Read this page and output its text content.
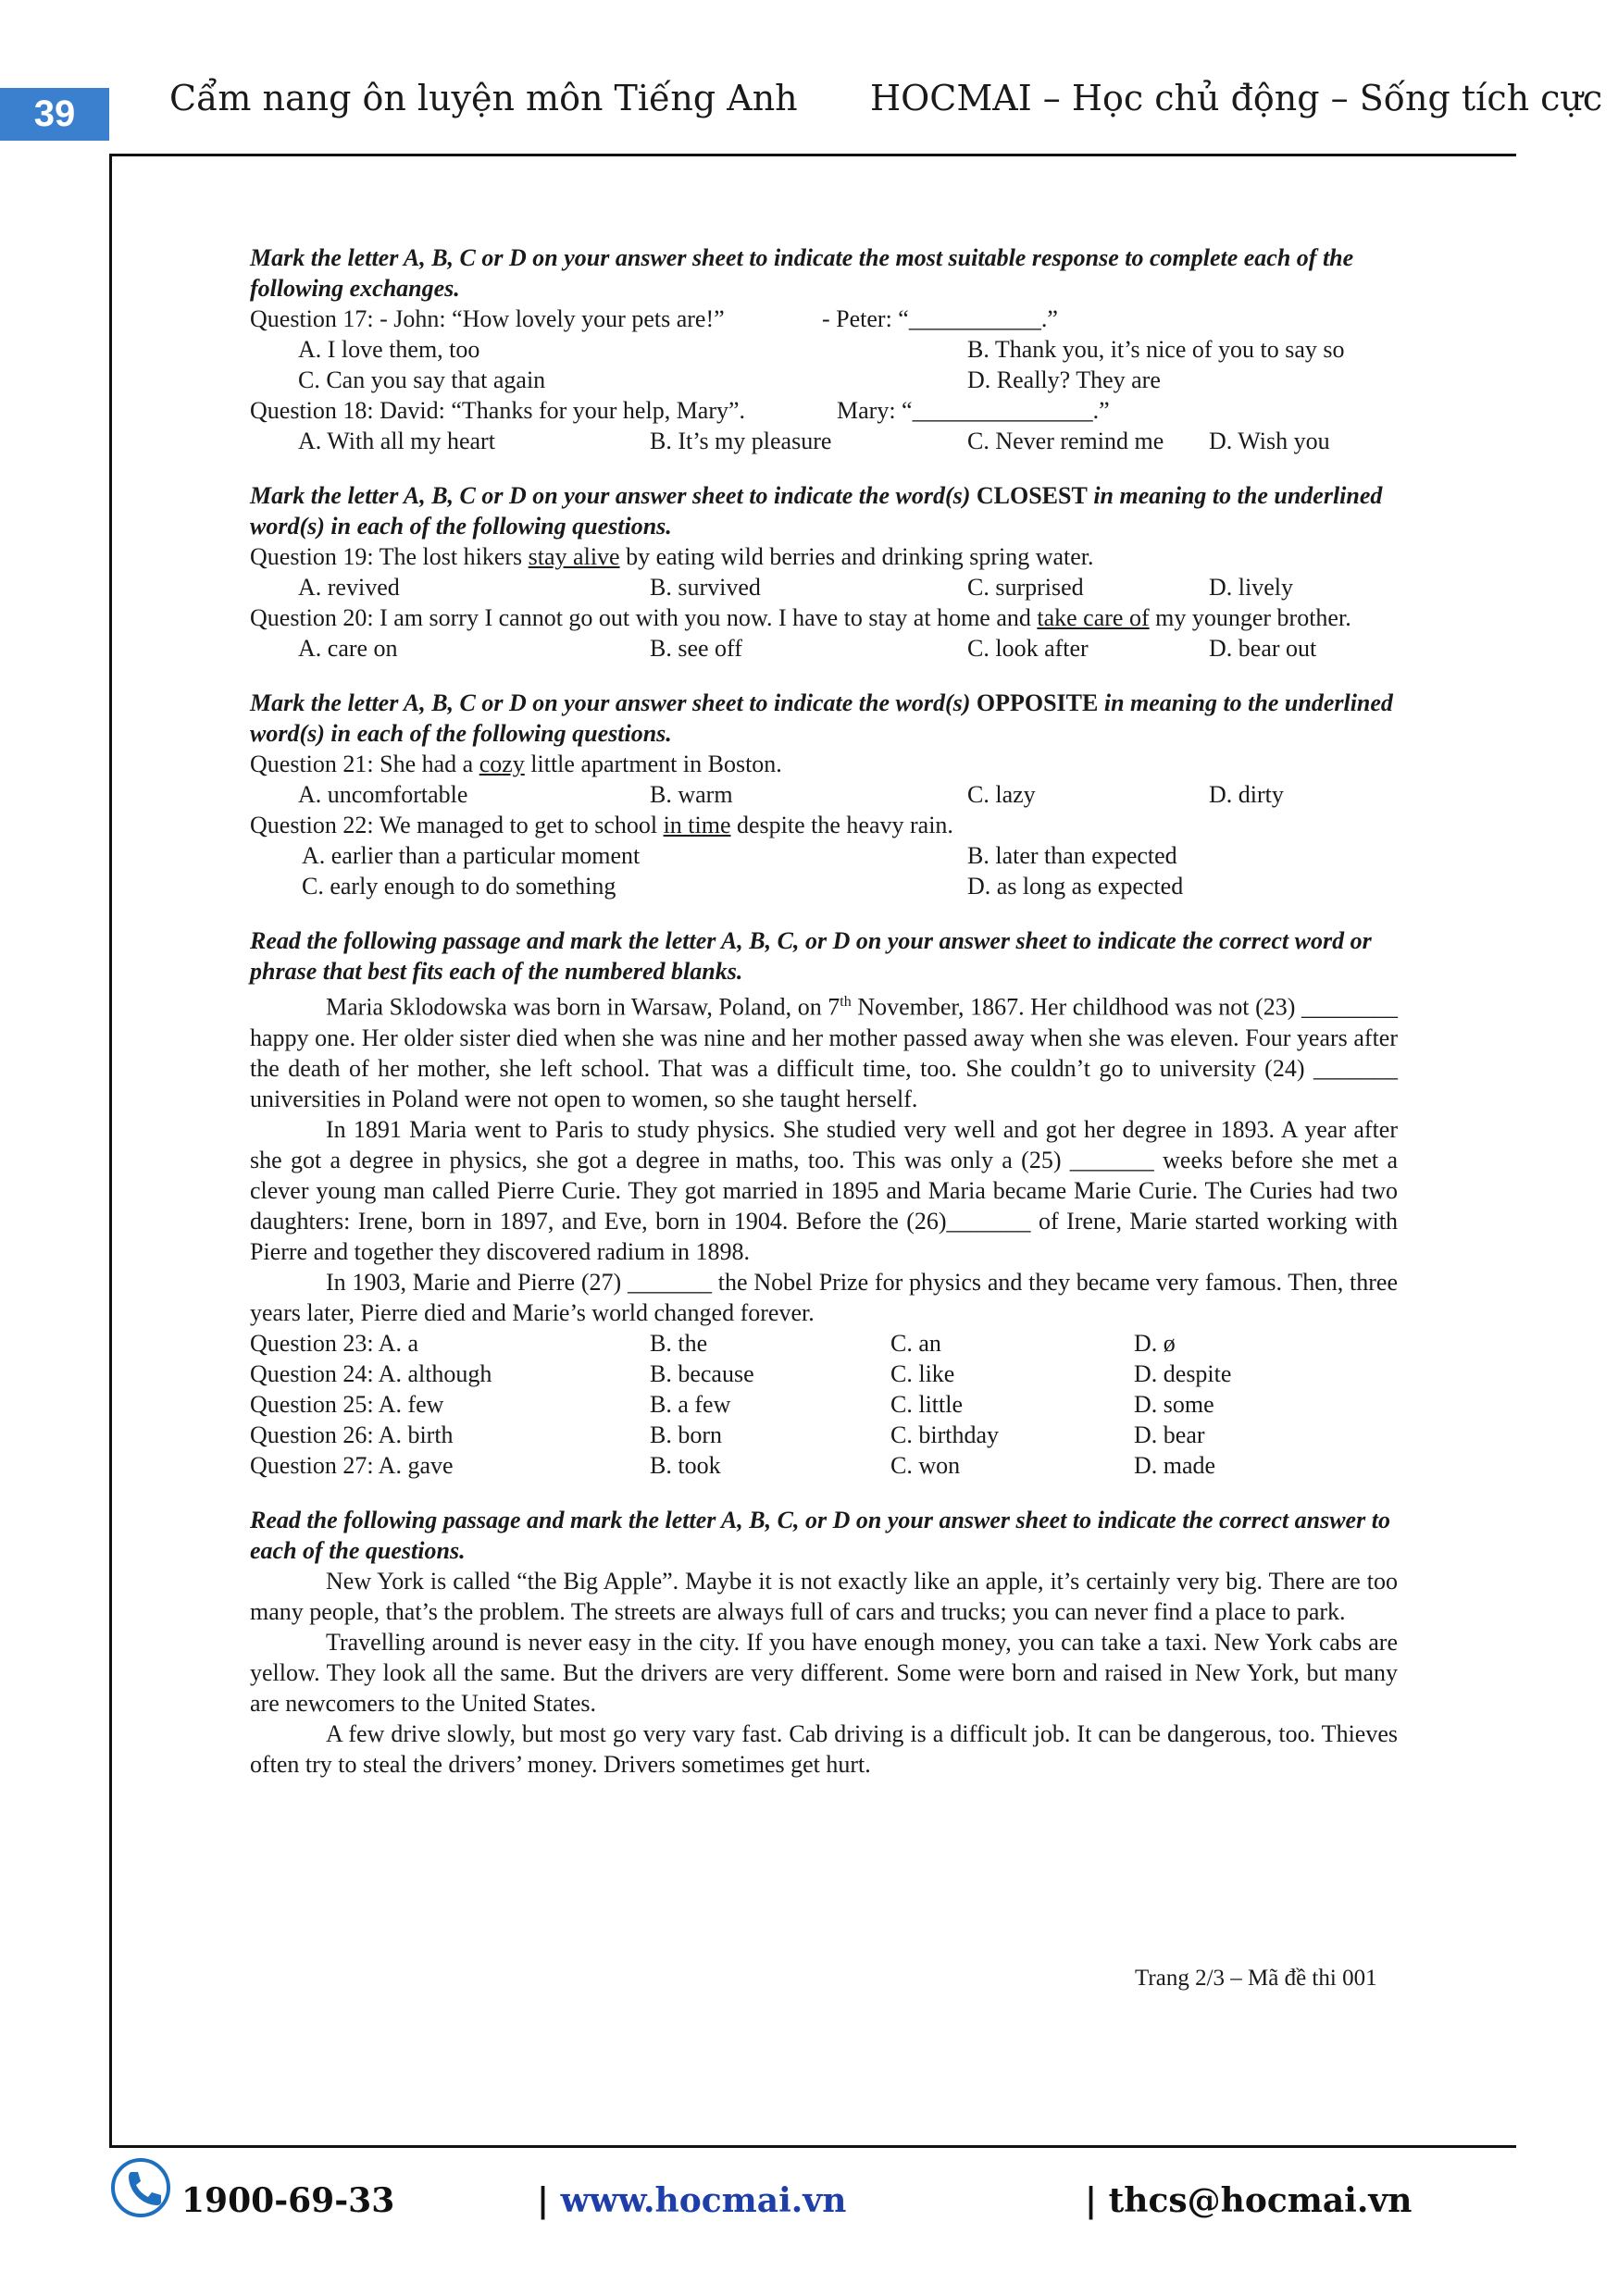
39	Cẩm nang ôn luyện môn Tiếng Anh HOCMAI – Học chủ động – Sống tích cực
Mark the letter A, B, C or D on your answer sheet to indicate the most suitable response to complete each of the following exchanges.
Question 17: - John: “How lovely your pets are!”	- Peter: “___________.”
A. I love them, too	B. Thank you, it’s nice of you to say so
C. Can you say that again	D. Really? They are
Question 18: David: “Thanks for your help, Mary”.	Mary: “_______________.”
A. With all my heart	B. It’s my pleasure	C. Never remind me D. Wish you
Mark the letter A, B, C or D on your answer sheet to indicate the word(s) CLOSEST in meaning to the underlined word(s) in each of the following questions.
Question 19: The lost hikers stay alive by eating wild berries and drinking spring water.
A. revived	B. survived	C. surprised	D. lively
Question 20: I am sorry I cannot go out with you now. I have to stay at home and take care of my younger brother.
A. care on	B. see off	C. look after	D. bear out
Mark the letter A, B, C or D on your answer sheet to indicate the word(s) OPPOSITE in meaning to the underlined word(s) in each of the following questions.
Question 21: She had a cozy little apartment in Boston.
A. uncomfortable	B. warm	C. lazy	D. dirty
Question 22: We managed to get to school in time despite the heavy rain.
A. earlier than a particular moment	B. later than expected
C. early enough to do something	D. as long as expected
Read the following passage and mark the letter A, B, C, or D on your answer sheet to indicate the correct word or phrase that best fits each of the numbered blanks.

Maria Sklodowska was born in Warsaw, Poland, on 7th November, 1867. Her childhood was not (23) ________ happy one. Her older sister died when she was nine and her mother passed away when she was eleven. Four years after the death of her mother, she left school. That was a difficult time, too. She couldn’t go to university (24) _______ universities in Poland were not open to women, so she taught herself.

In 1891 Maria went to Paris to study physics. She studied very well and got her degree in 1893. A year after she got a degree in physics, she got a degree in maths, too. This was only a (25) _______ weeks before she met a clever young man called Pierre Curie. They got married in 1895 and Maria became Marie Curie. The Curies had two daughters: Irene, born in 1897, and Eve, born in 1904. Before the (26)_______ of Irene, Marie started working with Pierre and together they discovered radium in 1898.

In 1903, Marie and Pierre (27) _______ the Nobel Prize for physics and they became very famous. Then, three years later, Pierre died and Marie’s world changed forever.

Question 23: A. a	B. the	C. an	D. ø
Question 24: A. although	B. because	C. like	D. despite
Question 25: A. few	B. a few	C. little	D. some
Question 26: A. birth	B. born	C. birthday	D. bear
Question 27: A. gave	B. took	C. won	D. made
Read the following passage and mark the letter A, B, C, or D on your answer sheet to indicate the correct answer to each of the questions.

New York is called “the Big Apple”. Maybe it is not exactly like an apple, it’s certainly very big. There are too many people, that’s the problem. The streets are always full of cars and trucks; you can never find a place to park.

Travelling around is never easy in the city. If you have enough money, you can take a taxi. New York cabs are yellow. They look all the same. But the drivers are very different. Some were born and raised in New York, but many are newcomers to the United States.

A few drive slowly, but most go very vary fast. Cab driving is a difficult job. It can be dangerous, too. Thieves often try to steal the drivers’ money. Drivers sometimes get hurt.

Trang 2/3 – Mã đề thi 001
1900-69-33	| www.hocmai.vn	| thcs@hocmai.vn
